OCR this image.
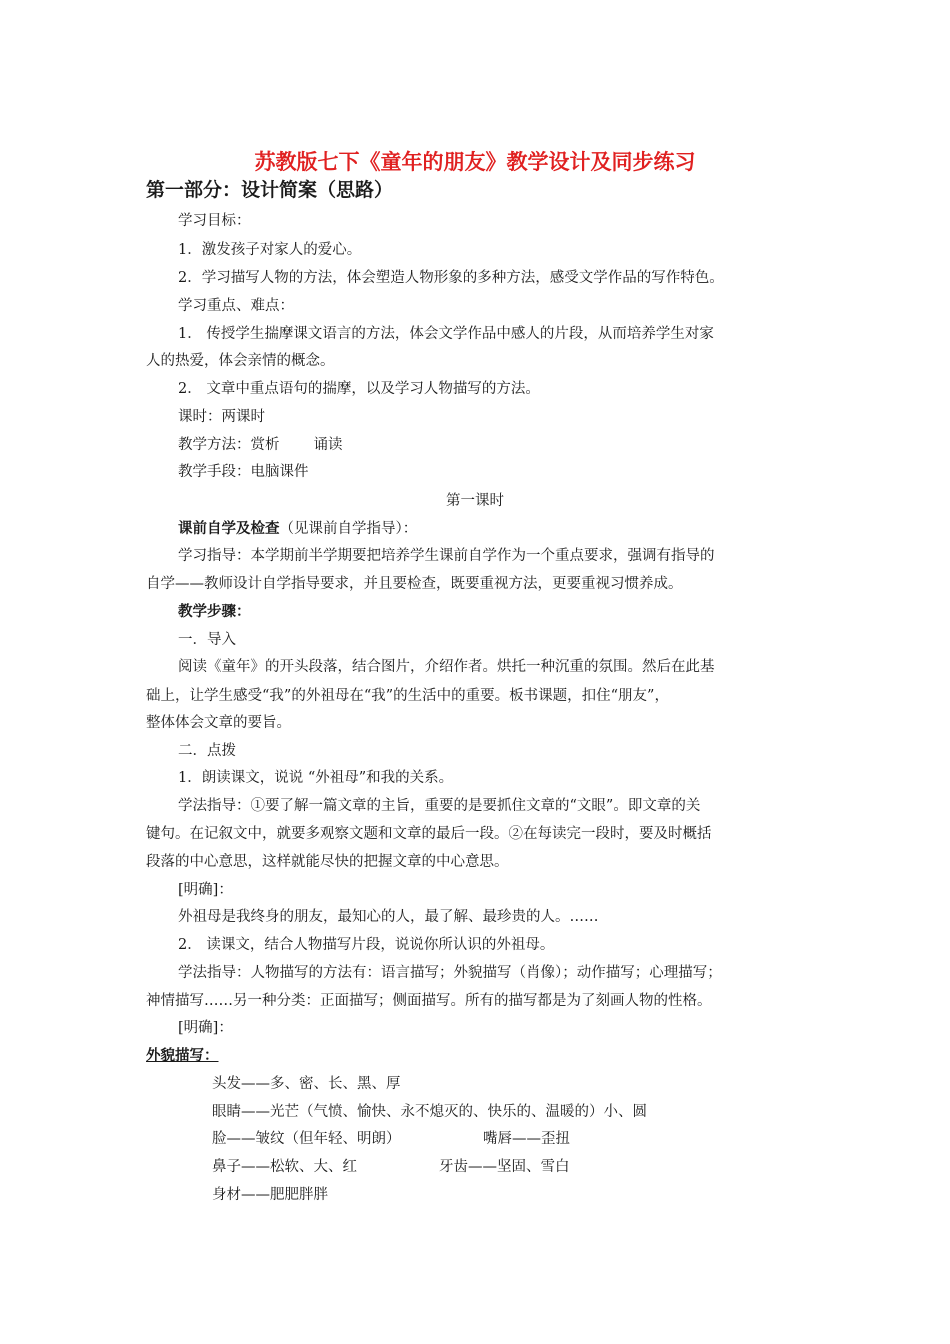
苏教版七下《童年的朋友》教学设计及同步练习
第一部分：设计简案（思路）
学习目标：
1．激发孩子对家人的爱心。
2．学习描写人物的方法，体会塑造人物形象的多种方法，感受文学作品的写作特色。
学习重点、难点：
1． 传授学生揣摩课文语言的方法，体会文学作品中感人的片段，从而培养学生对家
人的热爱，体会亲情的概念。
2． 文章中重点语句的揣摩，以及学习人物描写的方法。
课时：两课时
教学方法：赏析 诵读
教学手段：电脑课件
第一课时
课前自学及检查（见课前自学指导）：
学习指导：本学期前半学期要把培养学生课前自学作为一个重点要求，强调有指导的
自学——教师设计自学指导要求，并且要检查，既要重视方法，更要重视习惯养成。
教学步骤：
一．导入
阅读《童年》的开头段落，结合图片，介绍作者。烘托一种沉重的氛围。然后在此基
础上，让学生感受“我”的外祖母在“我”的生活中的重要。板书课题，扣住“朋友”，
整体体会文章的要旨。
二．点拨
1．朗读课文，说说 “外祖母”和我的关系。
学法指导：①要了解一篇文章的主旨，重要的是要抓住文章的“文眼”。即文章的关
键句。在记叙文中，就要多观察文题和文章的最后一段。②在每读完一段时，要及时概括
段落的中心意思，这样就能尽快的把握文章的中心意思。
[明确]：
外祖母是我终身的朋友，最知心的人，最了解、最珍贵的人。……
2． 读课文，结合人物描写片段，说说你所认识的外祖母。
学法指导：人物描写的方法有：语言描写；外貌描写（肖像）；动作描写；心理描写；
神情描写……另一种分类：正面描写；侧面描写。所有的描写都是为了刻画人物的性格。
[明确]：
外貌描写：
头发——多、密、长、黑、厚
眼睛——光芒（气愤、愉快、永不熄灭的、快乐的、温暖的）小、圆
脸——皱纹（但年轻、明朗）	嘴唇——歪扭
鼻子——松软、大、红	牙齿——坚固、雪白
身材——肥肥胖胖
